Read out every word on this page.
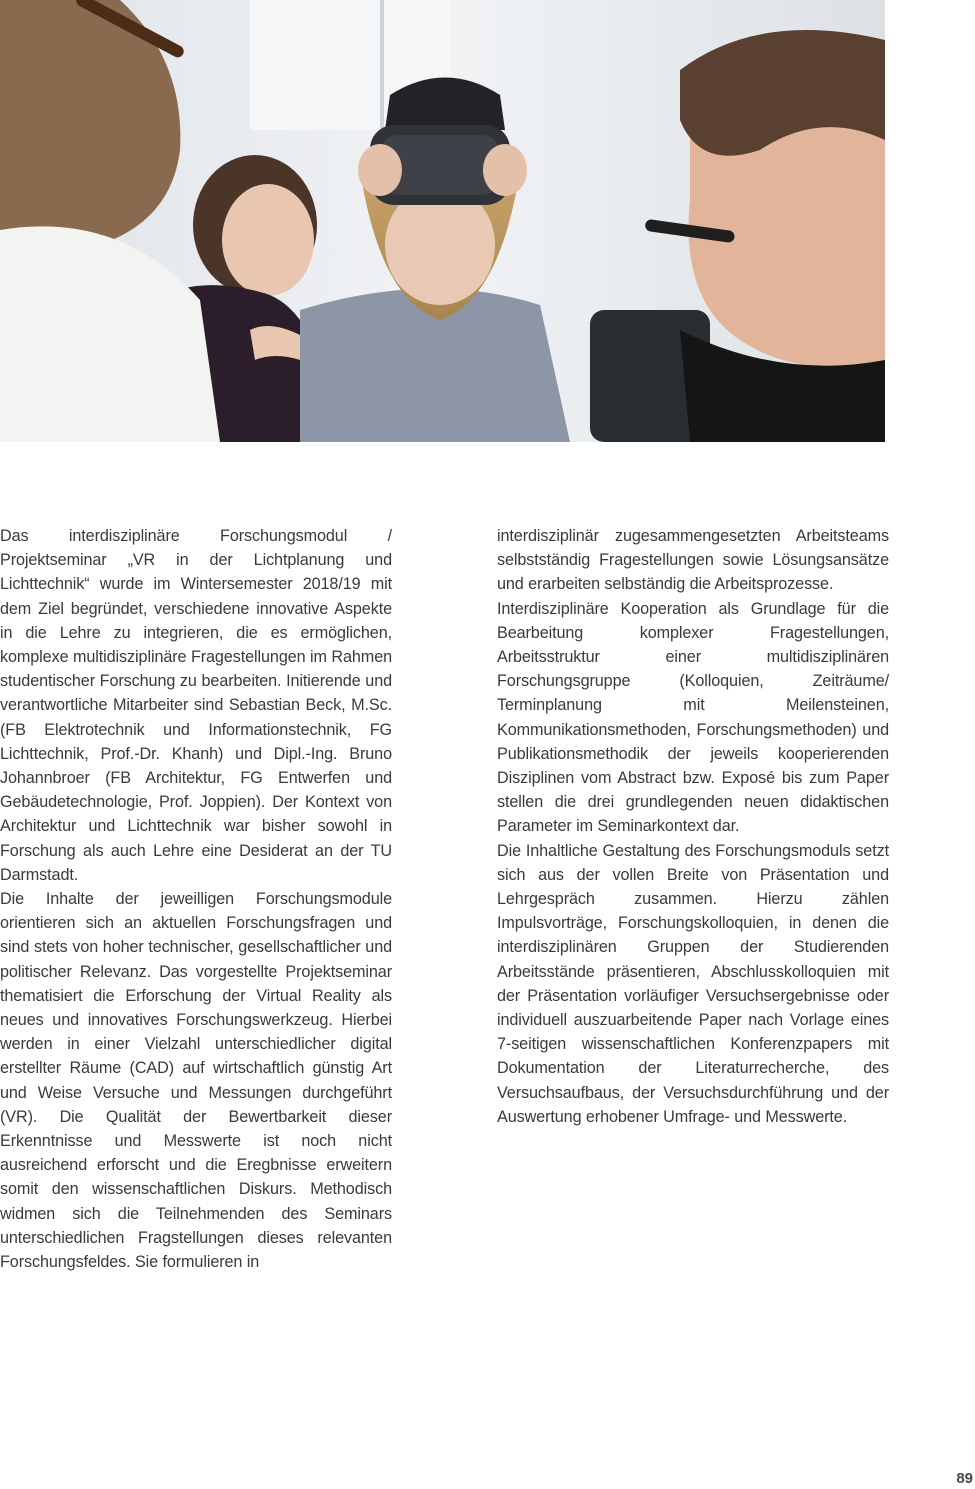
Das interdisziplinäre Forschungsmodul / Projektseminar „VR in der Lichtplanung und Lichttechnik“ wurde im Wintersemester 2018/19 mit dem Ziel begründet, verschiedene innovative Aspekte in die Lehre zu integrieren, die es ermöglichen, komplexe multidisziplinäre Fragestellungen im Rahmen studentischer Forschung zu bearbeiten. Initierende und verantwortliche Mitarbeiter sind Sebastian Beck, M.Sc. (FB Elektrotechnik und Informationstechnik, FG Lichttechnik, Prof.-Dr. Khanh) und Dipl.-Ing. Bruno Johannbroer (FB Architektur, FG Entwerfen und Gebäudetechnologie, Prof. Joppien). Der Kontext von Architektur und Lichttechnik war bisher sowohl in Forschung als auch Lehre eine Desiderat an der TU Darmstadt.

Die Inhalte der jeweilligen Forschungsmodule orientieren sich an aktuellen Forschungsfragen und sind stets von hoher technischer, gesellschaftlicher und politischer Relevanz. Das vorgestellte Projektseminar thematisiert die Erforschung der Virtual Reality als neues und innovatives Forschungswerkzeug. Hierbei werden in einer Vielzahl unterschiedlicher digital erstellter Räume (CAD) auf wirtschaftlich günstig Art und Weise Versuche und Messungen durchgeführt (VR). Die Qualität der Bewertbarkeit dieser Erkenntnisse und Messwerte ist noch nicht ausreichend erforscht und die Eregbnisse erweitern somit den wissenschaftlichen Diskurs. Methodisch widmen sich die Teilnehmenden des Seminars unterschiedlichen Fragstellungen dieses relevanten Forschungsfeldes. Sie formulieren in

interdisziplinär zugesammengesetzten Arbeitsteams selbstständig Fragestellungen sowie Lösungsansätze und erarbeiten selbständig die Arbeitsprozesse.

Interdisziplinäre Kooperation als Grundlage für die Bearbeitung komplexer Fragestellungen, Arbeitsstruktur einer multidisziplinären Forschungsgruppe (Kolloquien, Zeiträume/ Terminplanung mit Meilensteinen, Kommunikationsmethoden, Forschungsmethoden) und Publikationsmethodik der jeweils kooperierenden Disziplinen vom Abstract bzw. Exposé bis zum Paper stellen die drei grundlegenden neuen didaktischen Parameter im Seminarkontext dar.

Die Inhaltliche Gestaltung des Forschungsmoduls setzt sich aus der vollen Breite von Präsentation und Lehrgespräch zusammen. Hierzu zählen Impulsvorträge, Forschungskolloquien, in denen die interdisziplinären Gruppen der Studierenden Arbeitsstände präsentieren, Abschlusskolloquien mit der Präsentation vorläufiger Versuchsergebnisse oder individuell auszuarbeitende Paper nach Vorlage eines 7-seitigen wissenschaftlichen Konferenzpapers mit Dokumentation der Literaturrecherche, des Versuchsaufbaus, der Versuchsdurchführung und der Auswertung erhobener Umfrage- und Messwerte.

89
